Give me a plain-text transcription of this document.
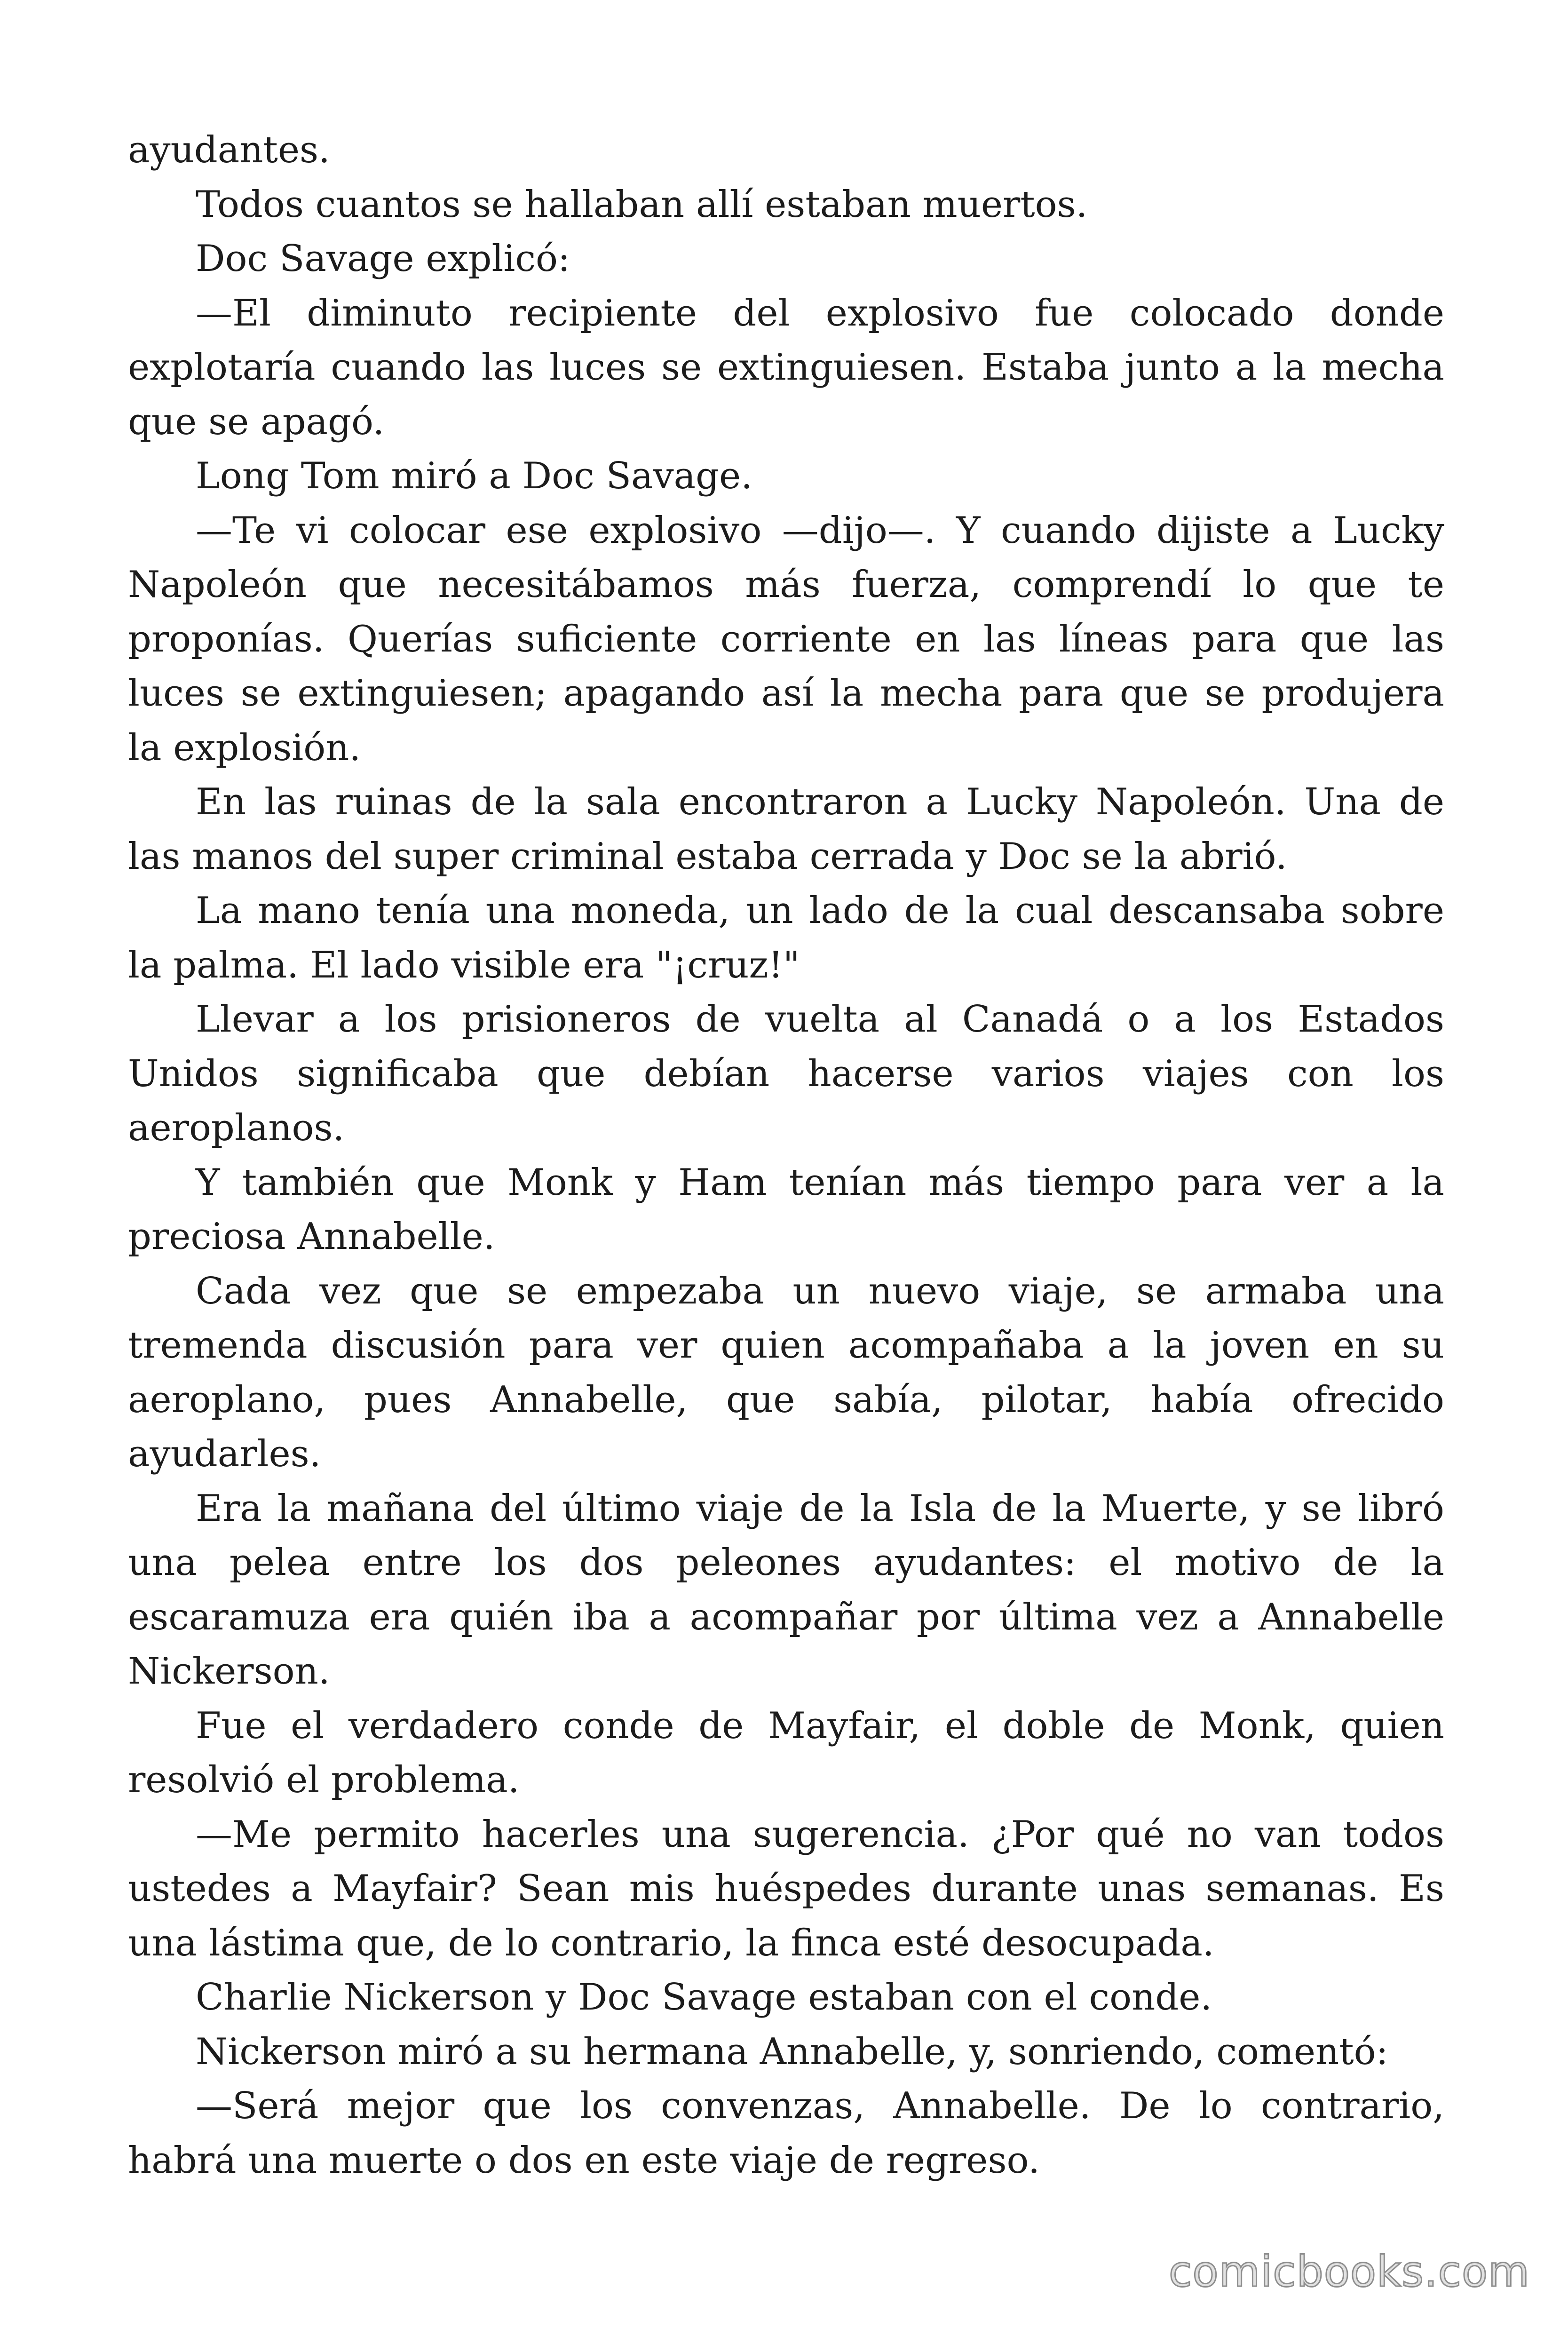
ayudantes.
Todos cuantos se hallaban allí estaban muertos.
Doc Savage explicó:
—El diminuto recipiente del explosivo fue colocado donde
explotaría cuando las luces se extinguiesen. Estaba junto a la mecha
que se apagó.
Long Tom miró a Doc Savage.
—Te vi colocar ese explosivo —dijo—. Y cuando dijiste a Lucky
Napoleón que necesitábamos más fuerza, comprendí lo que te
proponías. Querías suficiente corriente en las líneas para que las
luces se extinguiesen; apagando así la mecha para que se produjera
la explosión.
En las ruinas de la sala encontraron a Lucky Napoleón. Una de
las manos del super criminal estaba cerrada y Doc se la abrió.
La mano tenía una moneda, un lado de la cual descansaba sobre
la palma. El lado visible era "¡cruz!"
Llevar a los prisioneros de vuelta al Canadá o a los Estados
Unidos significaba que debían hacerse varios viajes con los
aeroplanos.
Y también que Monk y Ham tenían más tiempo para ver a la
preciosa Annabelle.
Cada vez que se empezaba un nuevo viaje, se armaba una
tremenda discusión para ver quien acompañaba a la joven en su
aeroplano, pues Annabelle, que sabía, pilotar, había ofrecido
ayudarles.
Era la mañana del último viaje de la Isla de la Muerte, y se libró
una pelea entre los dos peleones ayudantes: el motivo de la
escaramuza era quién iba a acompañar por última vez a Annabelle
Nickerson.
Fue el verdadero conde de Mayfair, el doble de Monk, quien
resolvió el problema.
—Me permito hacerles una sugerencia. ¿Por qué no van todos
ustedes a Mayfair? Sean mis huéspedes durante unas semanas. Es
una lástima que, de lo contrario, la finca esté desocupada.
Charlie Nickerson y Doc Savage estaban con el conde.
Nickerson miró a su hermana Annabelle, y, sonriendo, comentó:
—Será mejor que los convenzas, Annabelle. De lo contrario,
habrá una muerte o dos en este viaje de regreso.
comicbooks.com
